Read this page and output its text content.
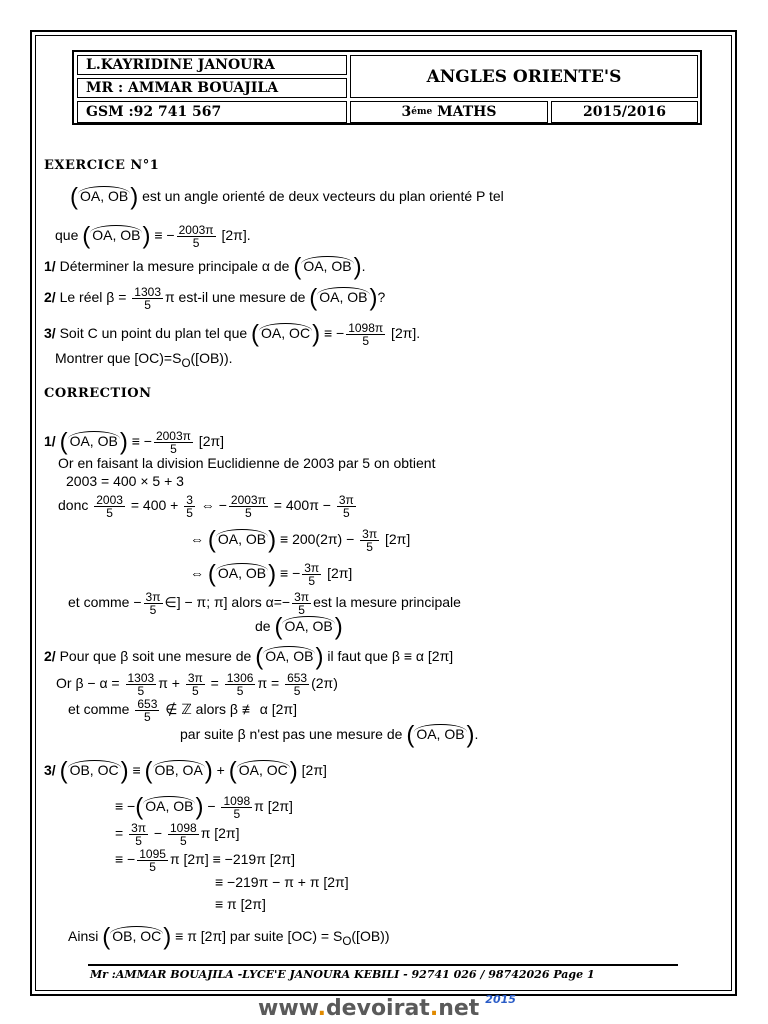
L.KAYRIDINE JANOURA
MR : AMMAR BOUAJILA
GSM :92 741 567
ANGLES ORIENTE'S
3 éme
MATHS	2015/2016
EXERCICE N°1
( OA, OB) est un angle orienté de deux vecteurs du plan orienté P tel
que ( OA, OB) ≡ − $\frac{2003\pi}{5} [2\pi]$.
1/ Déterminer la mesure principale α de ( OA, OB).
2/ Le réel $\beta = \frac{1303}{5}$ π est-il une mesure de ( OA, OB)?
3/ Soit C un point du plan tel que ( OA, OC) ≡ − $\frac{1098\pi}{5} [2\pi]$.
Montrer que $[OC)=S_O([OB))$.
CORRECTION
1/ ( OA, OB) ≡ − $\frac{2003\pi}{5} [2\pi]$
Or en faisant la division Euclidienne de 2003 par 5 on obtient
2003 = 400 × 5 + 3
donc $\frac{2003}{5} = 400 + \frac{3}{5}$ ⇔ − $\frac{2003\pi}{5} = 400\pi - \frac{3\pi}{5}$
⇔ ( OA, $OB) \equiv 200(2\pi) - \frac{3\pi}{5} [2\pi]$
⇔ ( OA, OB) ≡ − $\frac{3\pi}{5} [2\pi]$
et comme − $\frac{3\pi}{5}$ ∈] − π; π] alors $\alpha=- \frac{3\pi}{5}$ est la mesure principale
de ( OA, OB)
2/ Pour que β soit une mesure de ( OA, OB) il faut que β ≡ α [2π]
Or $\beta - \alpha = \frac{1303}{5}$ $\pi + \frac{3\pi}{5} = \frac{1306}{5}$ $\pi = \frac{653}{5} (2\pi)$
et comme $\frac{653}{5}$ ∉ ℤ alors β ≢ α [2π]
par suite β n'est pas une mesure de ( OA, OB).
3/ ( OB, OC) ≡ ( OB, OA) + ( OA, OC) [2π]
≡ −( OA, $OB) - \frac{1098}{5}$ π [2π]
= $\frac{3\pi}{5} - \frac{1098}{5}$ π [2π]
≡ − $\frac{1095}{5}$ π [2π] ≡ −219π [2π]
≡ −219π − π + π [2π]
≡ π [2π]
Ainsi ( OB, OC) ≡ π [2π] par suite $[OC) = S_O([OB))$
Mr :AMMAR BOUAJILA -LYCE'E JANOURA KEBILI - 92741 026 / 98742026 Page 1
www.devoirat.net $^{2015}$
